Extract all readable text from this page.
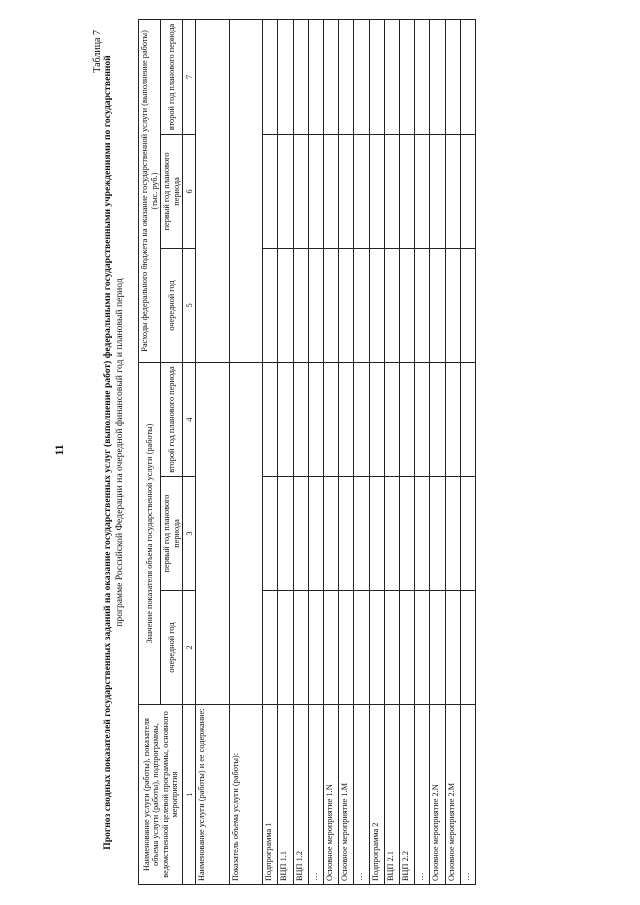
11
Таблица 7
Прогноз сводных показателей государственных заданий на оказание государственных услуг (выполнение работ) федеральными государственными учреждениями по государственной программе Российской Федерации на очередной финансовый год и плановый период
Наименование услуги (работы), показателя объема услуги (работы), подпрограммы, ведомственной целевой программы, основного мероприятия	Значение показателя объема государственной услуги (работы)			Расходы федерального бюджета на оказание государственной услуги (выполнение работы) (тыс. руб.)		
	очередной год	первый год планового периода	второй год планового периода	очередной год	первый год планового периода	второй год планового периода
1	2	3	4	5	6	7
Наименование услуги (работы) и ее содержание:						
Показатель объема услуги (работы):						
Подпрограмма 1						
ВЦП 1.1						
ВЦП 1.2						
…						
Основное мероприятие 1.N						
Основное мероприятие 1.M						
…						
Подпрограмма 2						
ВЦП 2.1						
ВЦП 2.2						
…						
Основное мероприятие 2.N						
Основное мероприятие 2.M						
…						
